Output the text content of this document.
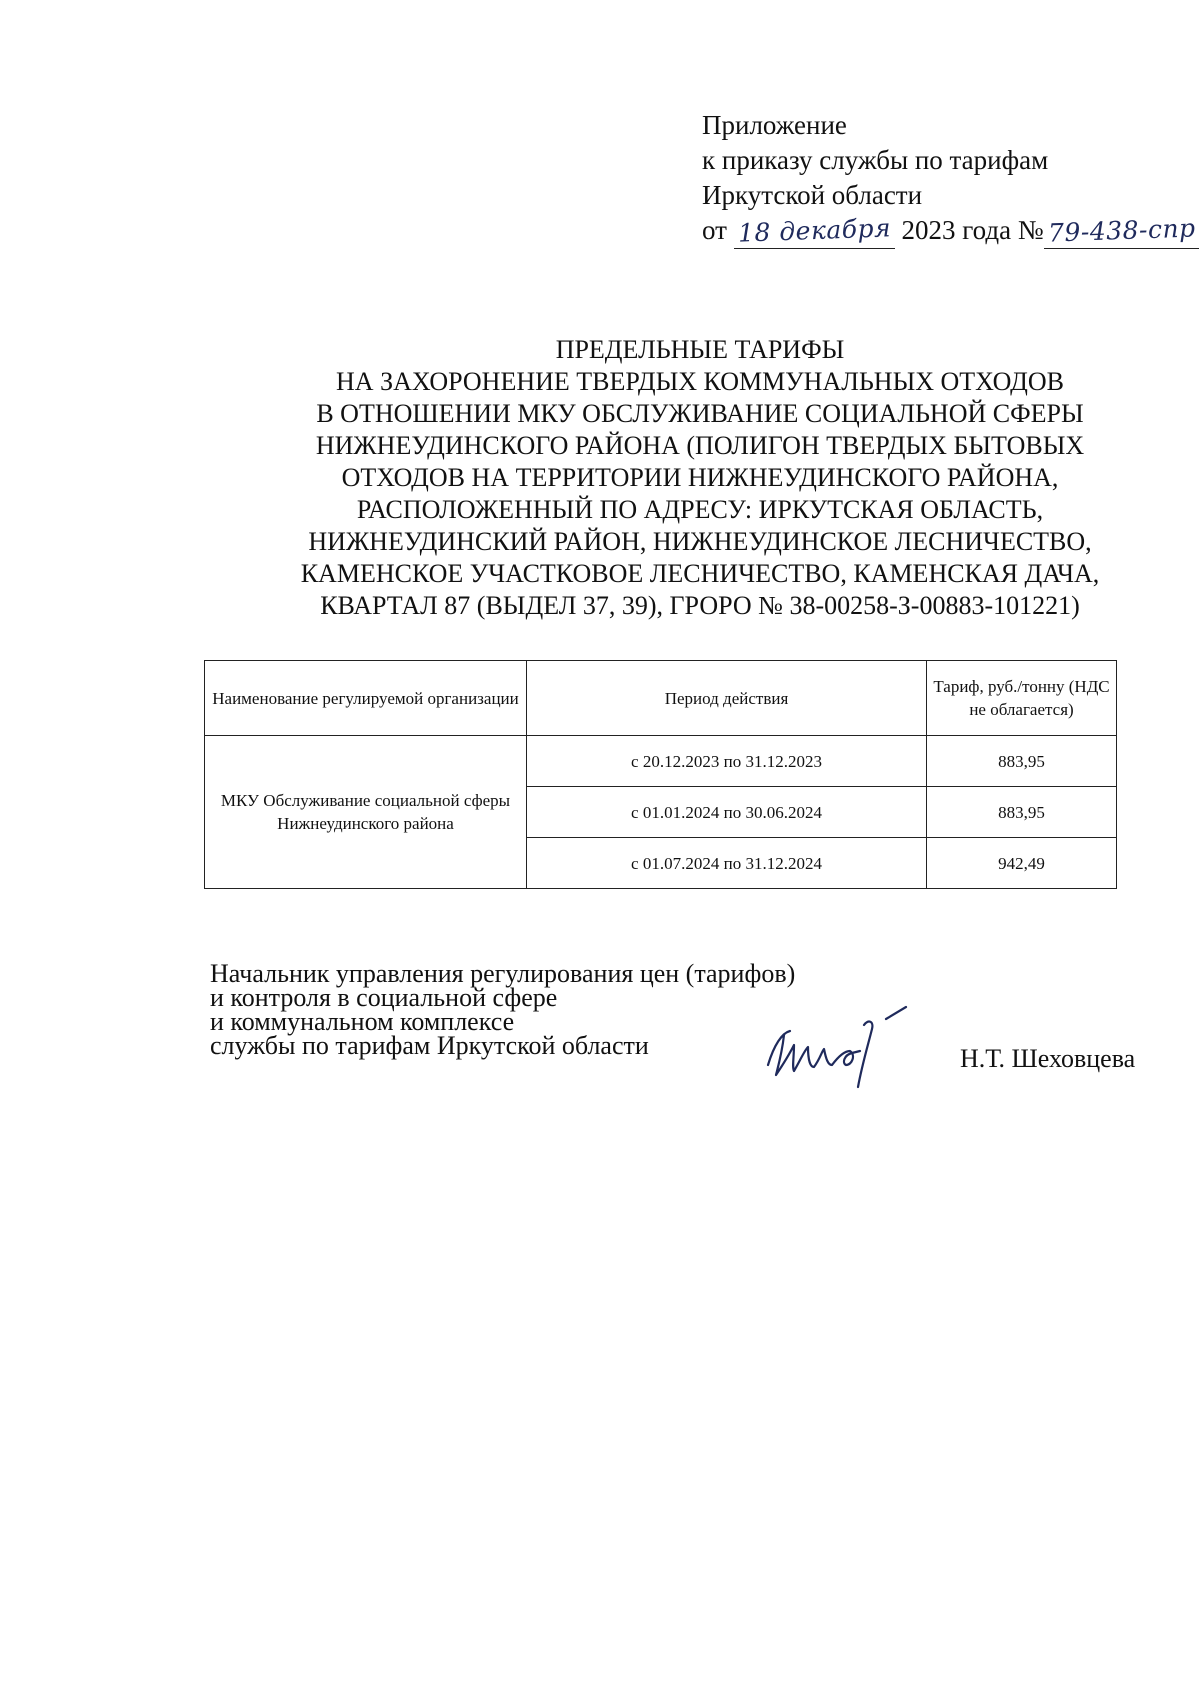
Приложение
к приказу службы по тарифам
Иркутской области
от 18 декабря 2023 года № 79-438-спр
ПРЕДЕЛЬНЫЕ ТАРИФЫ
НА ЗАХОРОНЕНИЕ ТВЕРДЫХ КОММУНАЛЬНЫХ ОТХОДОВ
В ОТНОШЕНИИ МКУ ОБСЛУЖИВАНИЕ СОЦИАЛЬНОЙ СФЕРЫ
НИЖНЕУДИНСКОГО РАЙОНА (ПОЛИГОН ТВЕРДЫХ БЫТОВЫХ
ОТХОДОВ НА ТЕРРИТОРИИ НИЖНЕУДИНСКОГО РАЙОНА,
РАСПОЛОЖЕННЫЙ ПО АДРЕСУ: ИРКУТСКАЯ ОБЛАСТЬ,
НИЖНЕУДИНСКИЙ РАЙОН, НИЖНЕУДИНСКОЕ ЛЕСНИЧЕСТВО,
КАМЕНСКОЕ УЧАСТКОВОЕ ЛЕСНИЧЕСТВО, КАМЕНСКАЯ ДАЧА,
КВАРТАЛ 87 (ВЫДЕЛ 37, 39), ГРОРО № 38-00258-З-00883-101221)
Наименование регулируемой организации	Период действия	Тариф, руб./тонну (НДС не облагается)
МКУ Обслуживание социальной сферы Нижнеудинского района	с 20.12.2023 по 31.12.2023	883,95
	с 01.01.2024 по 30.06.2024	883,95
	с 01.07.2024 по 31.12.2024	942,49
Начальник управления регулирования цен (тарифов)
и контроля в социальной сфере
и коммунальном комплексе
службы по тарифам Иркутской области	Н.Т. Шеховцева
